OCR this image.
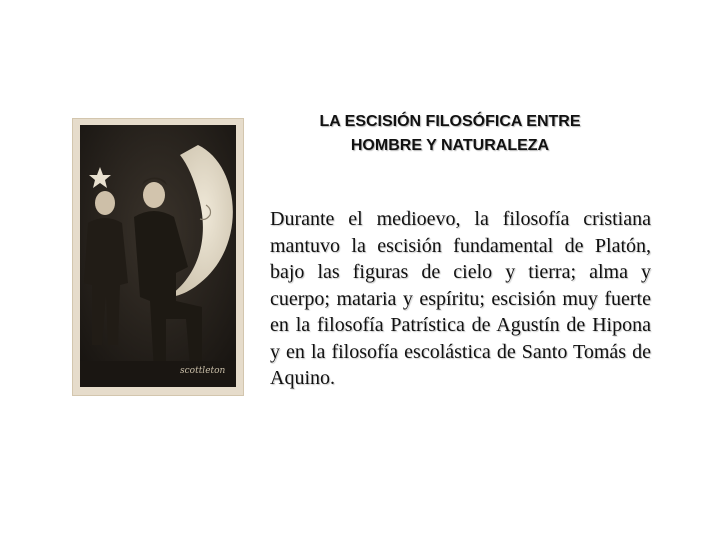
scottleton
LA ESCISIÓN FILOSÓFICA ENTRE
HOMBRE Y NATURALEZA
Durante el medioevo, la filosofía cristiana mantuvo la escisión fundamental de Platón, bajo las figuras de cielo y tierra; alma y cuerpo; mataria y espíritu; escisión muy fuerte en la filosofía Patrística de Agustín de Hipona y en la filosofía escolástica de Santo Tomás de Aquino.
